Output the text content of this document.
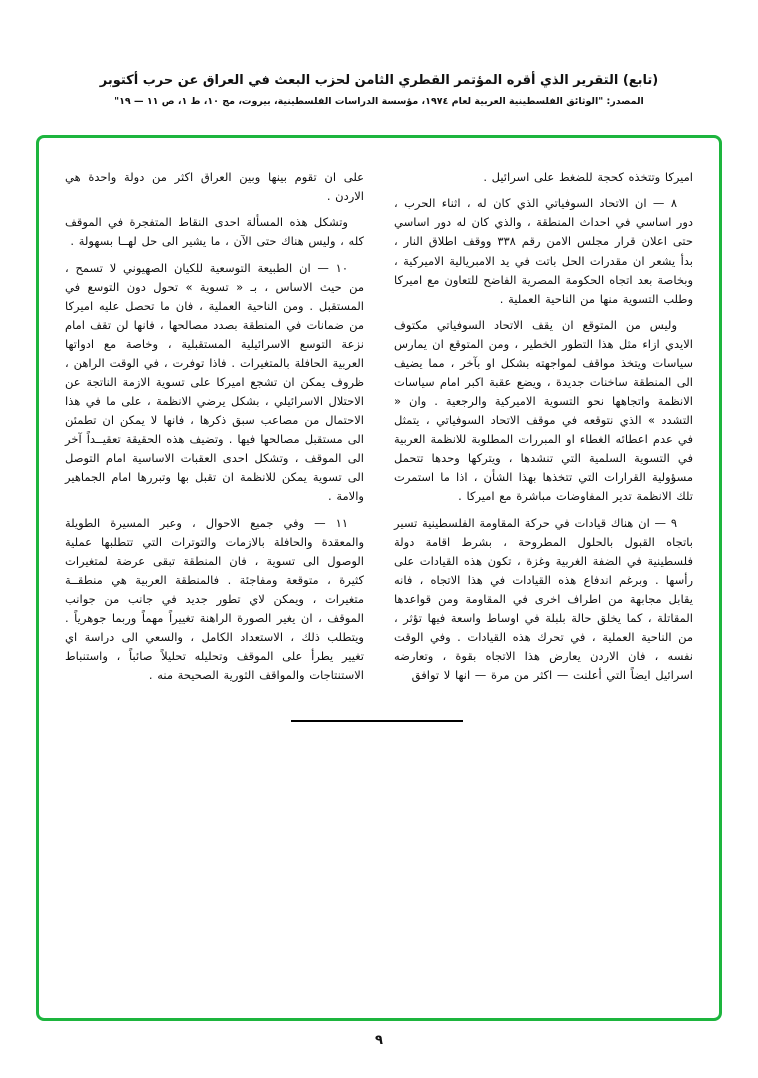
(تابع) التقرير الذي أقره المؤتمر القطري الثامن لحزب البعث في العراق عن حرب أكتوبر
المصدر: "الوثائق الفلسطينية العربية لعام ١٩٧٤، مؤسسة الدراسات الفلسطينية، بيروت، مج ١٠، ط ١، ص ١١ — ١٩"

اميركا وتتخذه كحجة للضغط على اسرائيل .

٨ — ان الاتحاد السوفياتي الذي كان له ، اثناء الحرب ، دور اساسي في احداث المنطقة ، والذي كان له دور اساسي حتى اعلان قرار مجلس الامن رقم ٣٣٨ ووقف اطلاق النار ، بدأ يشعر ان مقدرات الحل باتت في يد الامبريالية الاميركية ، وبخاصة بعد اتجاه الحكومة المصرية الفاضح للتعاون مع اميركا وطلب التسوية منها من الناحية العملية .

وليس من المتوقع ان يقف الاتحاد السوفياتي مكتوف الايدي ازاء مثل هذا التطور الخطير ، ومن المتوقع ان يمارس سياسات ويتخذ مواقف لمواجهته بشكل او بآخر ، مما يضيف الى المنطقة ساخنات جديدة ، ويضع عقبة اكبر امام سياسات الانظمة واتجاهها نحو التسوية الاميركية والرجعية . وان « التشدد » الذي نتوقعه في موقف الاتحاد السوفياتي ، يتمثل في عدم اعطائه الغطاء او المبررات المطلوبة للانظمة العربية في التسوية السلمية التي تنشدها ، ويتركها وحدها تتحمل مسؤولية القرارات التي تتخذها بهذا الشأن ، اذا ما استمرت تلك الانظمة تدير المفاوضات مباشرة مع اميركا .

٩ — ان هناك قيادات في حركة المقاومة الفلسطينية تسير باتجاه القبول بالحلول المطروحة ، بشرط اقامة دولة فلسطينية في الضفة الغربية وغزة ، تكون هذه القيادات على رأسها . وبرغم اندفاع هذه القيادات في هذا الاتجاه ، فانه يقابل مجابهة من اطراف اخرى في المقاومة ومن قواعدها المقاتلة ، كما يخلق حالة بلبلة في اوساط واسعة فيها تؤثر ، من الناحية العملية ، في تحرك هذه القيادات . وفي الوقت نفسه ، فان الاردن يعارض هذا الاتجاه بقوة ، وتعارضه اسرائيل ايضاً التي أعلنت — اكثر من مرة — انها لا توافق

على ان تقوم بينها وبين العراق اكثر من دولة واحدة هي الاردن .

وتشكل هذه المسألة احدى النقاط المتفجرة في الموقف كله ، وليس هناك حتى الآن ، ما يشير الى حل لهــا بسهولة .

١٠ — ان الطبيعة التوسعية للكيان الصهيوني لا تسمح ، من حيث الاساس ، بـ « تسوية » تحول دون التوسع في المستقبل . ومن الناحية العملية ، فان ما تحصل عليه اميركا من ضمانات في المنطقة بصدد مصالحها ، فانها لن تقف امام نزعة التوسع الاسرائيلية المستقبلية ، وخاصة مع ادواتها العربية الحافلة بالمتغيرات . فاذا توفرت ، في الوقت الراهن ، ظروف يمكن ان تشجع اميركا على تسوية الازمة الناتجة عن الاحتلال الاسرائيلي ، بشكل يرضي الانظمة ، على ما في هذا الاحتمال من مصاعب سبق ذكرها ، فانها لا يمكن ان تطمئن الى مستقبل مصالحها فيها . وتضيف هذه الحقيقة تعقيــداً آخر الى الموقف ، وتشكل احدى العقبات الاساسية امام التوصل الى تسوية يمكن للانظمة ان تقبل بها وتبررها امام الجماهير والامة .

١١ — وفي جميع الاحوال ، وعبر المسيرة الطويلة والمعقدة والحافلة بالازمات والتوترات التي تتطلبها عملية الوصول الى تسوية ، فان المنطقة تبقى عرضة لمتغيرات كثيرة ، متوقعة ومفاجئة . فالمنطقة العربية هي منطقــة متغيرات ، ويمكن لاي تطور جديد في جانب من جوانب الموقف ، ان يغير الصورة الراهنة تغييراً مهماً وربما جوهرياً . ويتطلب ذلك ، الاستعداد الكامل ، والسعي الى دراسة اي تغيير يطرأ على الموقف وتحليله تحليلاً صائباً ، واستنباط الاستنتاجات والمواقف الثورية الصحيحة منه .

٩
